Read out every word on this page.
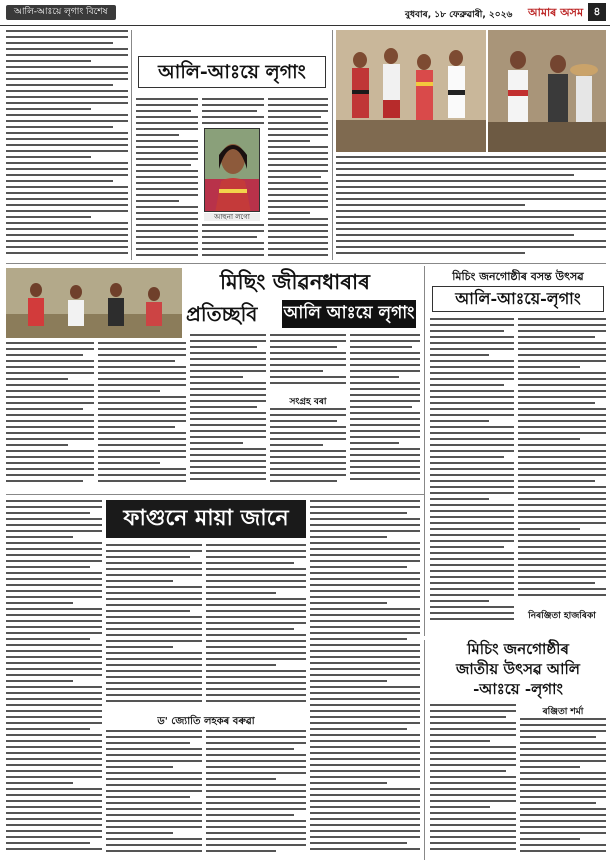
আলি-আঃয়ে লৃগাং বিশেষ	বুধবাৰ, ১৮ ফেব্ৰুৱাৰী, ২০২৬ আমাৰ অসম ৪
আলি-আঃয়ে লৃগাং
আহুনা লগো
মিছিং জীৱনধাৰাৰ
প্ৰতিচ্ছবি	আলি আঃয়ে লৃগাং
সংগ্ৰহ বৰা
মিচিং জনগোষ্ঠীৰ বসন্ত উৎসৱ
আলি-আঃয়ে-লৃগাং
নিৰঞ্জিতা হাজৰিকা
ফাগুনে মায়া জানে
ড' জ্যোতি লহকৰ বৰুৱা
মিচিং জনগোষ্ঠীৰ
জাতীয় উৎসৱ আলি
-আঃয়ে -লৃগাং
ৰঞ্জিতা শৰ্মা
